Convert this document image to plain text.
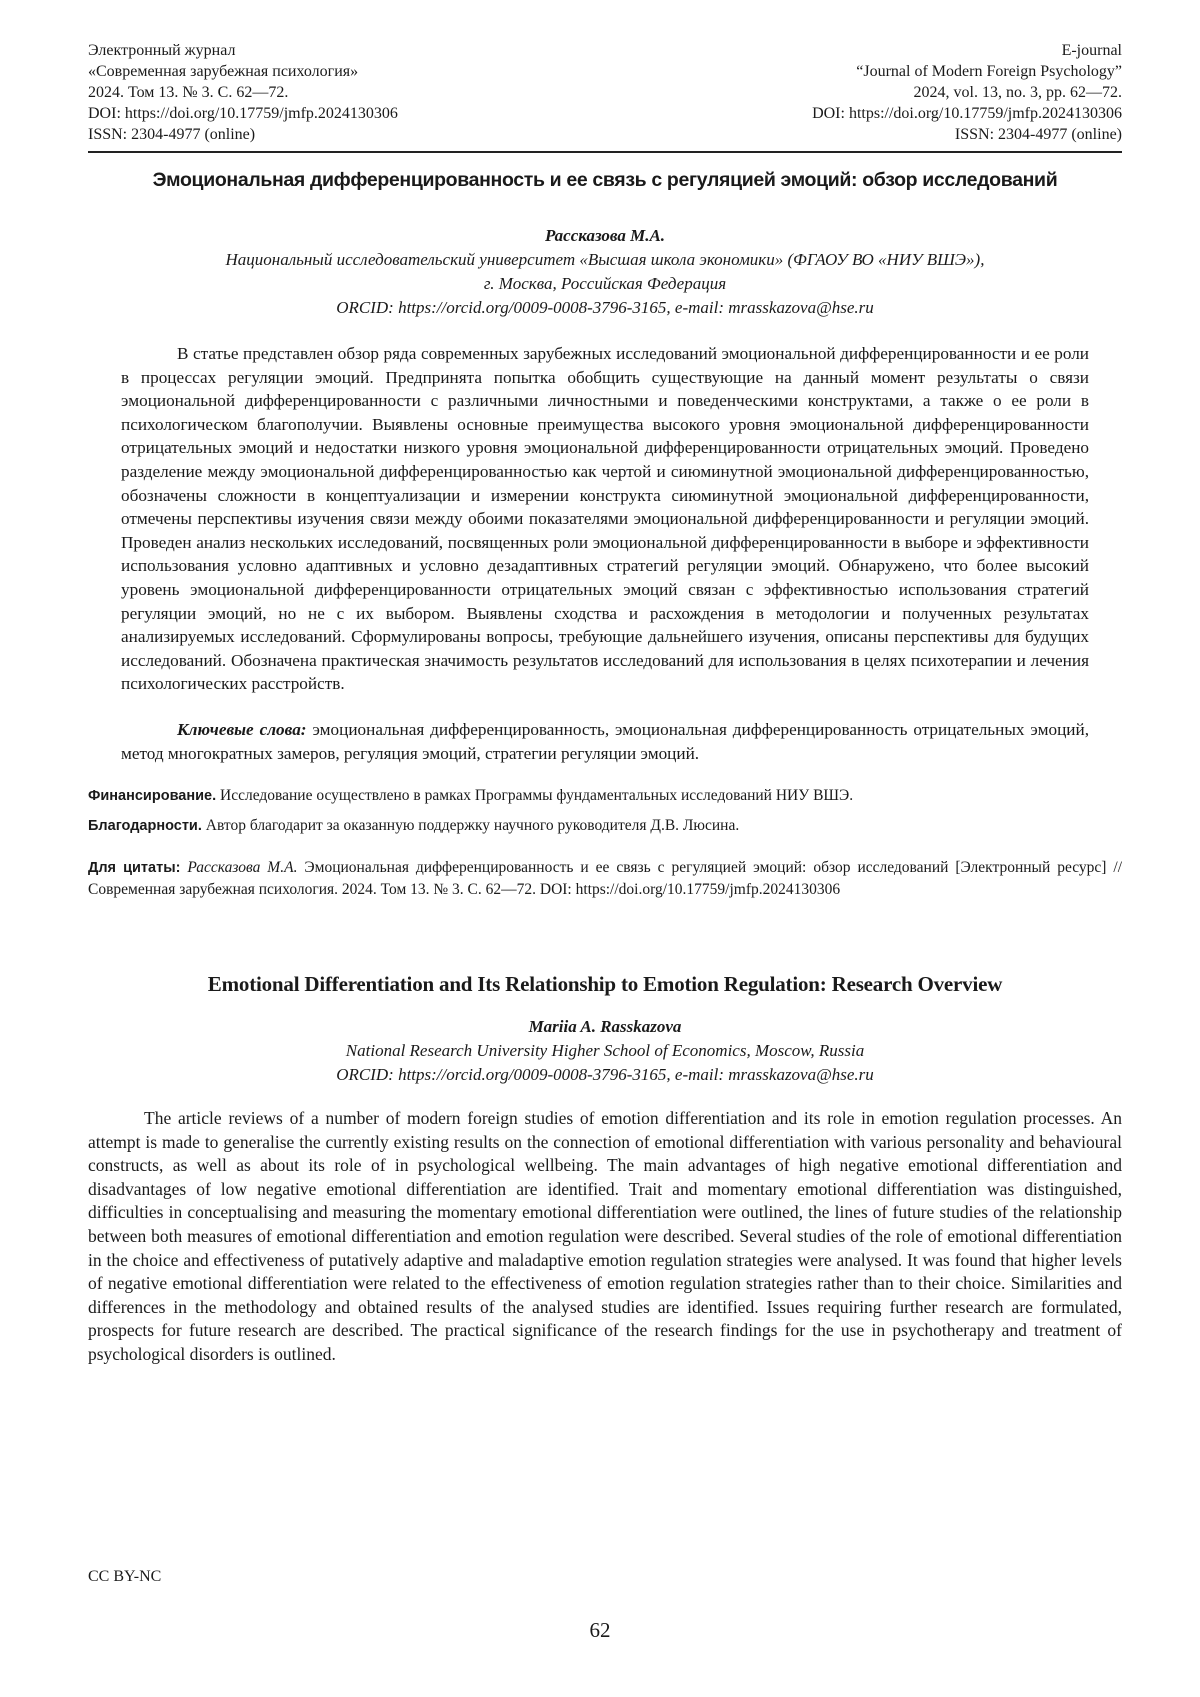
Электронный журнал
«Современная зарубежная психология»
2024. Том 13. № 3. С. 62—72.
DOI: https://doi.org/10.17759/jmfp.2024130306
ISSN: 2304-4977 (online)
E-journal
“Journal of Modern Foreign Psychology”
2024, vol. 13, no. 3, pp. 62—72.
DOI: https://doi.org/10.17759/jmfp.2024130306
ISSN: 2304-4977 (online)
Эмоциональная дифференцированность и ее связь с регуляцией эмоций: обзор исследований
Рассказова М.А.
Национальный исследовательский университет «Высшая школа экономики» (ФГАОУ ВО «НИУ ВШЭ»),
г. Москва, Российская Федерация
ORCID: https://orcid.org/0009-0008-3796-3165, e-mail: mrasskazova@hse.ru

В статье представлен обзор ряда современных зарубежных исследований эмоциональной дифференцированности и ее роли в процессах регуляции эмоций. Предпринята попытка обобщить существующие на данный момент результаты о связи эмоциональной дифференцированности с различными личностными и поведенческими конструктами, а также о ее роли в психологическом благополучии. Выявлены основные преимущества высокого уровня эмоциональной дифференцированности отрицательных эмоций и недостатки низкого уровня эмоциональной дифференцированности отрицательных эмоций. Проведено разделение между эмоциональной дифференцированностью как чертой и сиюминутной эмоциональной дифференцированностью, обозначены сложности в концептуализации и измерении конструкта сиюминутной эмоциональной дифференцированности, отмечены перспективы изучения связи между обоими показателями эмоциональной дифференцированности и регуляции эмоций. Проведен анализ нескольких исследований, посвященных роли эмоциональной дифференцированности в выборе и эффективности использования условно адаптивных и условно дезадаптивных стратегий регуляции эмоций. Обнаружено, что более высокий уровень эмоциональной дифференцированности отрицательных эмоций связан с эффективностью использования стратегий регуляции эмоций, но не с их выбором. Выявлены сходства и расхождения в методологии и полученных результатах анализируемых исследований. Сформулированы вопросы, требующие дальнейшего изучения, описаны перспективы для будущих исследований. Обозначена практическая значимость результатов исследований для использования в целях психотерапии и лечения психологических расстройств.

Ключевые слова: эмоциональная дифференцированность, эмоциональная дифференцированность отрицательных эмоций, метод многократных замеров, регуляция эмоций, стратегии регуляции эмоций.

Финансирование. Исследование осуществлено в рамках Программы фундаментальных исследований НИУ ВШЭ.
Благодарности. Автор благодарит за оказанную поддержку научного руководителя Д.В. Люсина.
Для цитаты: Рассказова М.А. Эмоциональная дифференцированность и ее связь с регуляцией эмоций: обзор исследований [Электронный ресурс] // Современная зарубежная психология. 2024. Том 13. № 3. С. 62—72. DOI: https://doi.org/10.17759/jmfp.2024130306
Emotional Differentiation and Its Relationship to Emotion Regulation: Research Overview
Mariia A. Rasskazova
National Research University Higher School of Economics, Moscow, Russia
ORCID: https://orcid.org/0009-0008-3796-3165, e-mail: mrasskazova@hse.ru

The article reviews of a number of modern foreign studies of emotion differentiation and its role in emotion regulation processes. An attempt is made to generalise the currently existing results on the connection of emotional differentiation with various personality and behavioural constructs, as well as about its role of in psychological wellbeing. The main advantages of high negative emotional differentiation and disadvantages of low negative emotional differentiation are identified. Trait and momentary emotional differentiation was distinguished, difficulties in conceptualising and measuring the momentary emotional differentiation were outlined, the lines of future studies of the relationship between both measures of emotional differentiation and emotion regulation were described. Several studies of the role of emotional differentiation in the choice and effectiveness of putatively adaptive and maladaptive emotion regulation strategies were analysed. It was found that higher levels of negative emotional differentiation were related to the effectiveness of emotion regulation strategies rather than to their choice. Similarities and differences in the methodology and obtained results of the analysed studies are identified. Issues requiring further research are formulated, prospects for future research are described. The practical significance of the research findings for the use in psychotherapy and treatment of psychological disorders is outlined.

CC BY-NC
62
